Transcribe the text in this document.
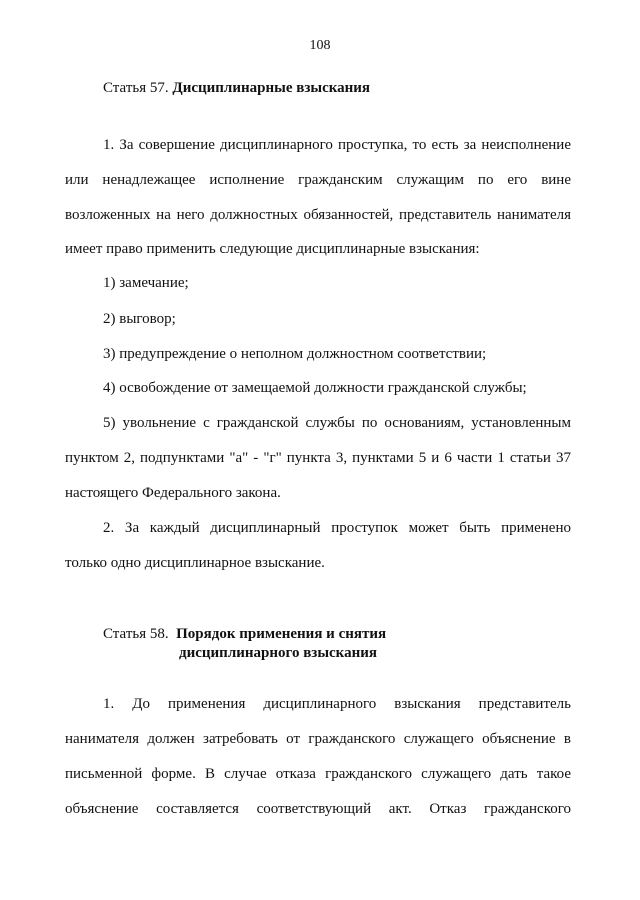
108
Статья 57. Дисциплинарные взыскания
1. За совершение дисциплинарного проступка, то есть за неисполнение
или ненадлежащее исполнение гражданским служащим по его вине
возложенных на него должностных обязанностей, представитель нанимателя
имеет право применить следующие дисциплинарные взыскания:
1) замечание;
2) выговор;
3) предупреждение о неполном должностном соответствии;
4) освобождение от замещаемой должности гражданской службы;
5) увольнение с гражданской службы по основаниям, установленным
пунктом 2, подпунктами "а" - "г" пункта 3, пунктами 5 и 6 части 1 статьи 37
настоящего Федерального закона.
2. За каждый дисциплинарный проступок может быть применено
только одно дисциплинарное взыскание.
Статья 58. Порядок применения и снятия
дисциплинарного взыскания
1. До применения дисциплинарного взыскания представитель
нанимателя должен затребовать от гражданского служащего объяснение в
письменной форме. В случае отказа гражданского служащего дать такое
объяснение составляется соответствующий акт. Отказ гражданского
